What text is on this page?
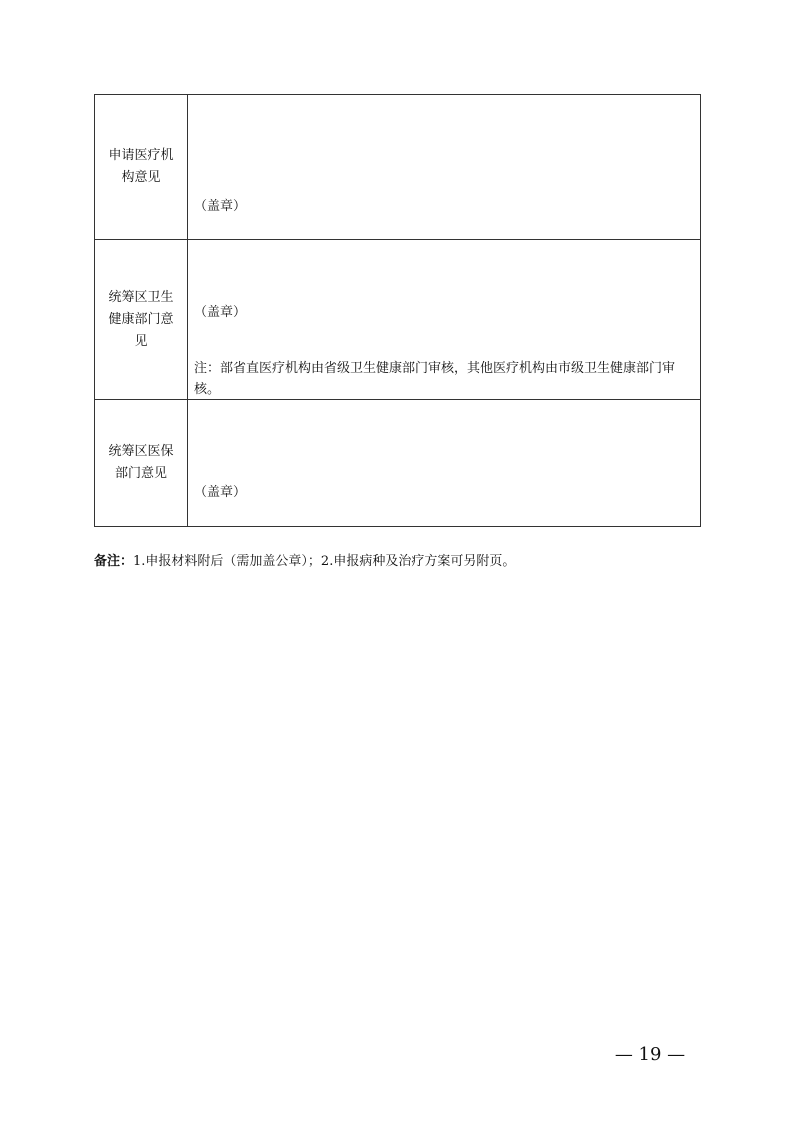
申请医疗机构意见	（盖章）

统筹区卫生健康部门意见	（盖章）
注：部省直医疗机构由省级卫生健康部门审核，其他医疗机构由市级卫生健康部门审核。

统筹区医保部门意见	（盖章）
备注：1.申报材料附后（需加盖公章）；2.申报病种及治疗方案可另附页。
— 19 —
